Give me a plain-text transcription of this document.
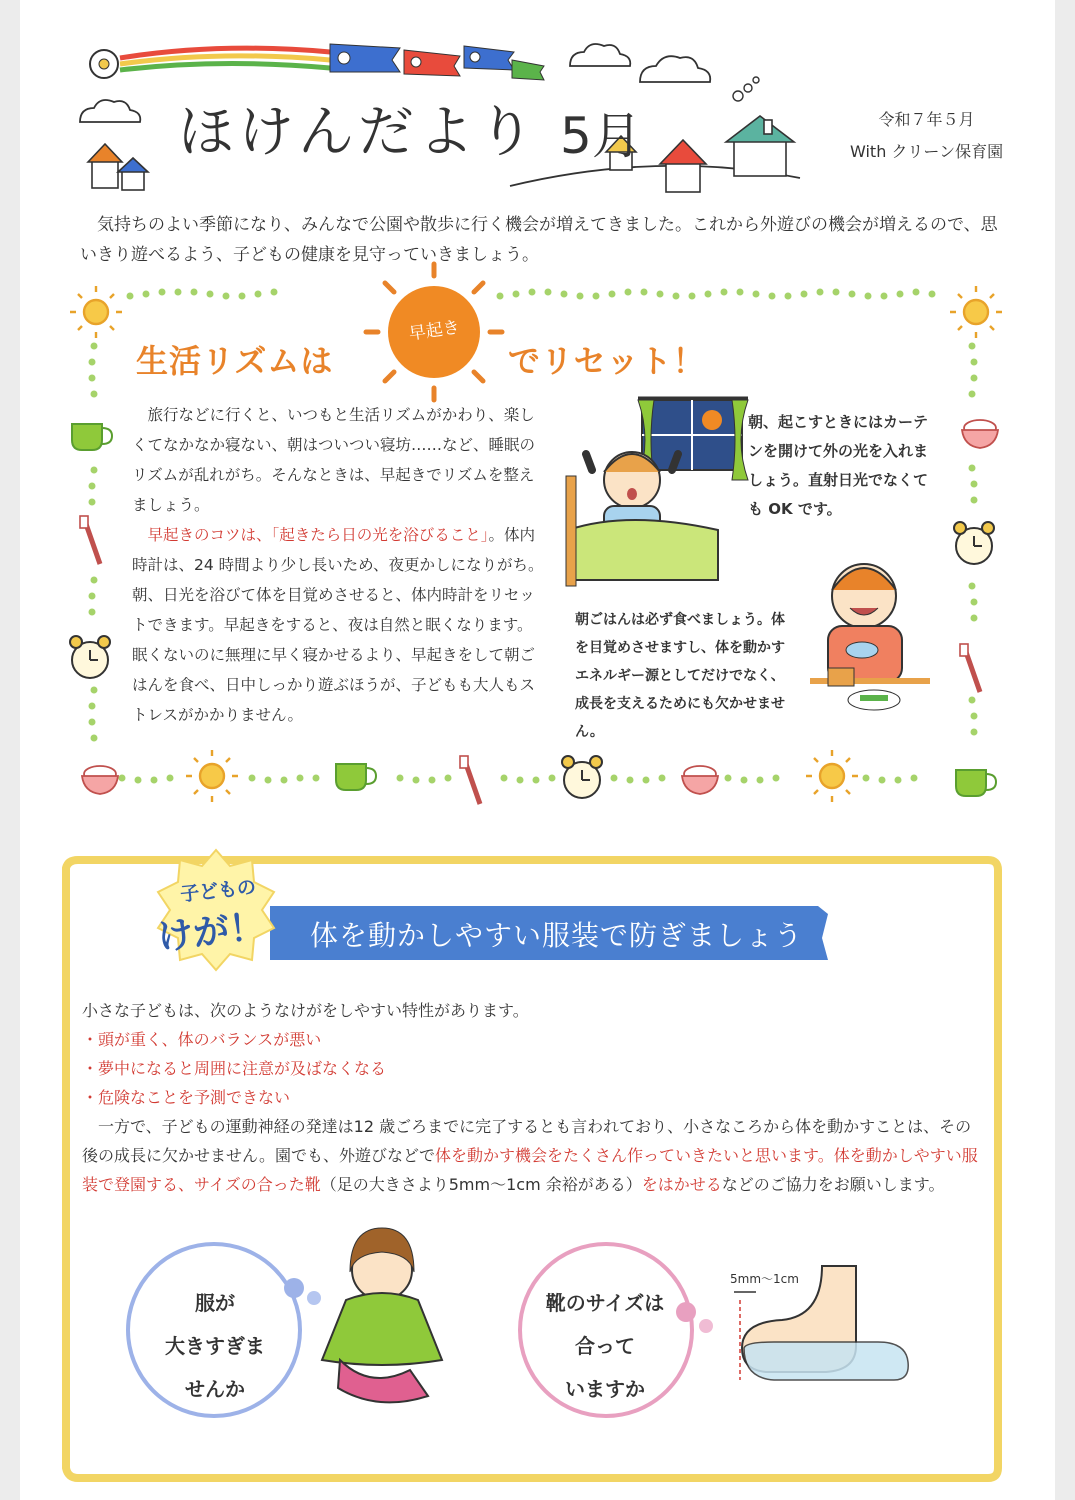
ほけんだより 5月	令和７年５月
With クリーン保育園

気持ちのよい季節になり、みんなで公園や散歩に行く機会が増えてきました。これから外遊びの機会が増えるので、思いきり遊べるよう、子どもの健康を見守っていきましょう。

生活リズムは
早起き
でリセット！

旅行などに行くと、いつもと生活リズムがかわり、楽しくてなかなか寝ない、朝はついつい寝坊……など、睡眠のリズムが乱れがち。そんなときは、早起きでリズムを整えましょう。

早起きのコツは、「起きたら日の光を浴びること」。体内時計は、24 時間より少し長いため、夜更かしになりがち。朝、日光を浴びて体を目覚めさせると、体内時計をリセットできます。早起きをすると、夜は自然と眠くなります。眠くないのに無理に早く寝かせるより、早起きをして朝ごはんを食べ、日中しっかり遊ぶほうが、子どもも大人もストレスがかかりません。

朝、起こすときにはカーテンを開けて外の光を入れましょう。直射日光でなくても OK です。
朝ごはんは必ず食べましょう。体を目覚めさせますし、体を動かすエネルギー源としてだけでなく、成長を支えるためにも欠かせません。
子どもの
けが！ 体を動かしやすい服装で防ぎましょう

小さな子どもは、次のようなけがをしやすい特性があります。

・頭が重く、体のバランスが悪い

・夢中になると周囲に注意が及ばなくなる

・危険なことを予測できない

一方で、子どもの運動神経の発達は12 歳ごろまでに完了するとも言われており、小さなころから体を動かすことは、その後の成長に欠かせません。園でも、外遊びなどで体を動かす機会をたくさん作っていきたいと思います。体を動かしやすい服装で登園する、サイズの合った靴（足の大きさより5mm～1cm 余裕がある）をはかせるなどのご協力をお願いします。

服が
大きすぎま
せんか
靴のサイズは
合って
いますか
5mm～1cm
